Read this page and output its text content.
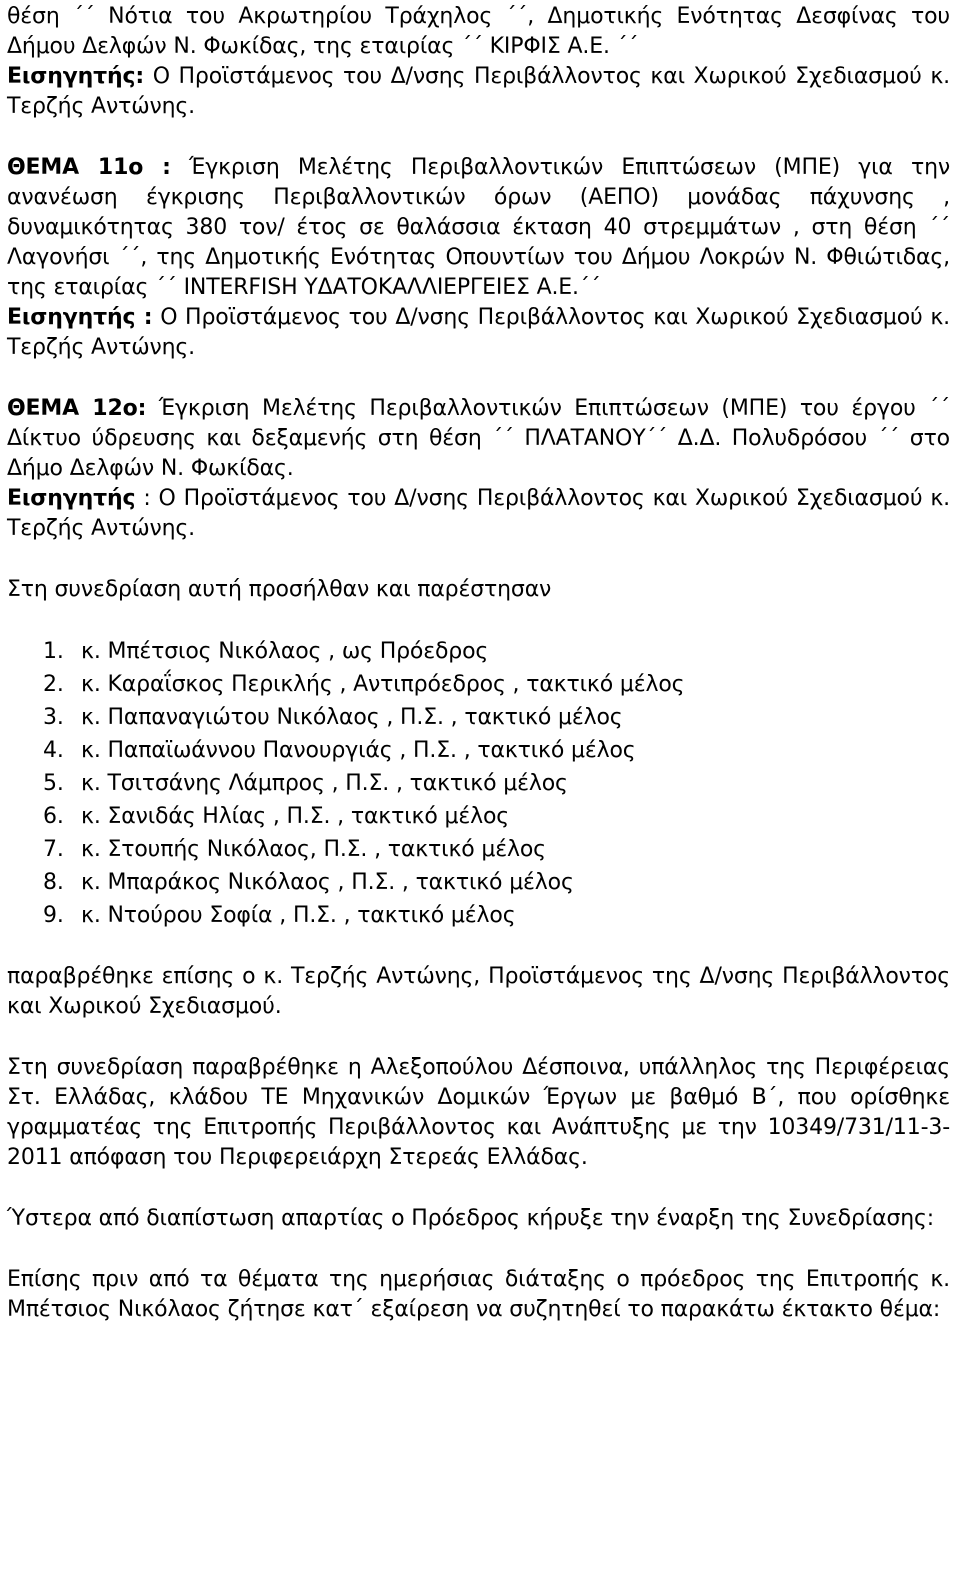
θέση ΄΄ Νότια του Ακρωτηρίου Τράχηλος ΄΄, Δημοτικής Ενότητας Δεσφίνας του Δήμου Δελφών Ν. Φωκίδας, της εταιρίας ΄΄ ΚΙΡΦΙΣ Α.Ε. ΄΄

Εισηγητής: Ο Προϊστάμενος του Δ/νσης Περιβάλλοντος και Χωρικού Σχεδιασμού κ. Τερζής Αντώνης.

ΘΕΜΑ 11ο : Έγκριση Μελέτης Περιβαλλοντικών Επιπτώσεων (ΜΠΕ) για την ανανέωση έγκρισης Περιβαλλοντικών όρων (ΑΕΠΟ) μονάδας πάχυνσης , δυναμικότητας 380 τον/ έτος σε θαλάσσια έκταση 40 στρεμμάτων , στη θέση ΄΄ Λαγονήσι ΄΄, της Δημοτικής Ενότητας Οπουντίων του Δήμου Λοκρών Ν. Φθιώτιδας, της εταιρίας ΄΄ INTERFISH ΥΔΑΤΟΚΑΛΛΙΕΡΓΕΙΕΣ Α.Ε.΄΄

Εισηγητής : Ο Προϊστάμενος του Δ/νσης Περιβάλλοντος και Χωρικού Σχεδιασμού κ. Τερζής Αντώνης.

ΘΕΜΑ 12ο: Έγκριση Μελέτης Περιβαλλοντικών Επιπτώσεων (ΜΠΕ) του έργου ΄΄ Δίκτυο ύδρευσης και δεξαμενής στη θέση ΄΄ ΠΛΑΤΑΝΟΥ΄΄ Δ.Δ. Πολυδρόσου ΄΄ στο Δήμο Δελφών Ν. Φωκίδας.

Εισηγητής : Ο Προϊστάμενος του Δ/νσης Περιβάλλοντος και Χωρικού Σχεδιασμού κ. Τερζής Αντώνης.

Στη συνεδρίαση αυτή προσήλθαν και παρέστησαν

1. κ. Μπέτσιος Νικόλαος , ως Πρόεδρος
2. κ. Καραΐσκος Περικλής , Αντιπρόεδρος , τακτικό μέλος
3. κ. Παπαναγιώτου Νικόλαος , Π.Σ. , τακτικό μέλος
4. κ. Παπαϊωάννου Πανουργιάς , Π.Σ. , τακτικό μέλος
5. κ. Τσιτσάνης Λάμπρος , Π.Σ. , τακτικό μέλος
6. κ. Σανιδάς Ηλίας , Π.Σ. , τακτικό μέλος
7. κ. Στουπής Νικόλαος, Π.Σ. , τακτικό μέλος
8. κ. Μπαράκος Νικόλαος , Π.Σ. , τακτικό μέλος
9. κ. Ντούρου Σοφία , Π.Σ. , τακτικό μέλος

παραβρέθηκε επίσης ο κ. Τερζής Αντώνης, Προϊστάμενος της Δ/νσης Περιβάλλοντος και Χωρικού Σχεδιασμού.

Στη συνεδρίαση παραβρέθηκε η Αλεξοπούλου Δέσποινα, υπάλληλος της Περιφέρειας Στ. Ελλάδας, κλάδου ΤΕ Μηχανικών Δομικών Έργων με βαθμό Β΄, που ορίσθηκε γραμματέας της Επιτροπής Περιβάλλοντος και Ανάπτυξης με την 10349/731/11-3-2011 απόφαση του Περιφερειάρχη Στερεάς Ελλάδας.

Ύστερα από διαπίστωση απαρτίας ο Πρόεδρος κήρυξε την έναρξη της Συνεδρίασης:

Επίσης πριν από τα θέματα της ημερήσιας διάταξης ο πρόεδρος της Επιτροπής κ. Μπέτσιος Νικόλαος ζήτησε κατ΄ εξαίρεση να συζητηθεί το παρακάτω έκτακτο θέμα:
